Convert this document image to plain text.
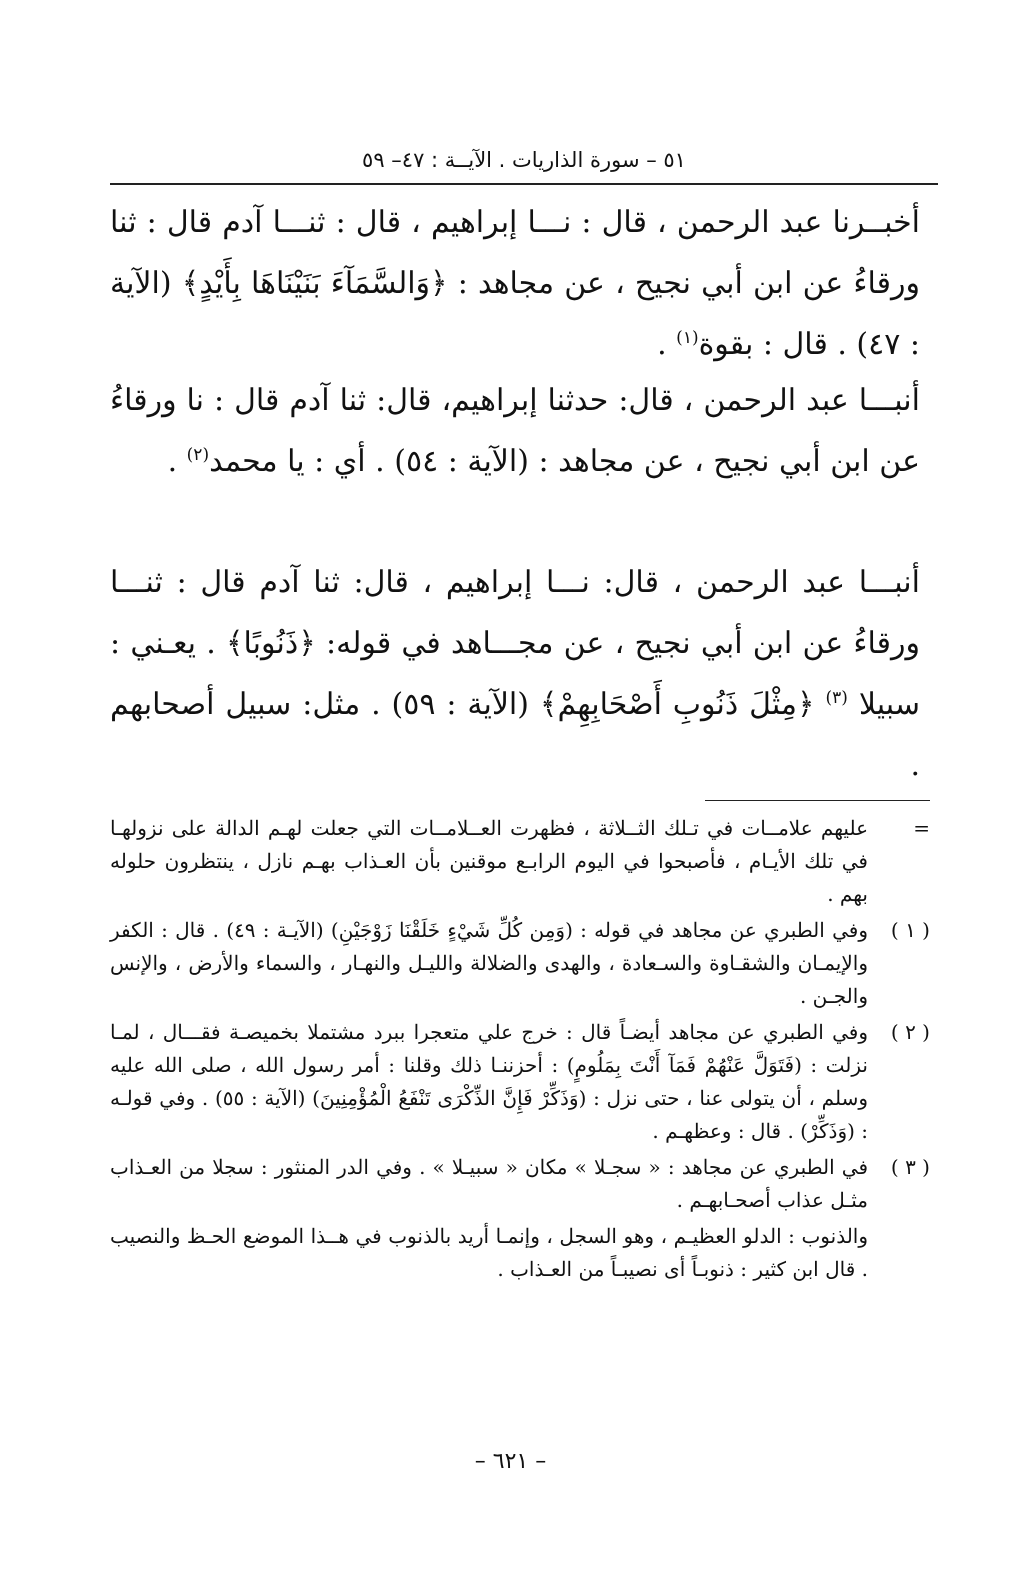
٥١ – سورة الذاريات . الآيــة : ٤٧– ٥٩

أخبــرنا عبد الرحمن ، قال : نـــا إبراهيم ، قال : ثنـــا آدم قال : ثنا ورقاءُ عن ابن أبي نجيح ، عن مجاهد : ﴿وَالسَّمَآءَ بَنَيْنَاهَا بِأَيْدٍ﴾ (الآية : ٤٧) . قال : بقوة$^{(١)}$ .

أنبـــا عبد الرحمن ، قال: حدثنا إبراهيم، قال: ثنا آدم قال : نا ورقاءُ عن ابن أبي نجيح ، عن مجاهد : (الآية : ٥٤) . أي : يا محمد$^{(٢)}$ .

أنبـــا عبد الرحمن ، قال: نـــا إبراهيم ، قال: ثنا آدم قال : ثنـــا ورقاءُ عن ابن أبي نجيح ، عن مجـــاهد في قوله: ﴿ذَنُوبًا﴾ . يعـني : سبيلا $^{(٣)}$ ﴿مِثْلَ ذَنُوبِ أَصْحَابِهِمْ﴾ (الآية : ٥٩) . مثل: سبيل أصحابهم .

=
عليهم علامــات في تـلك الثــلاثة ، فظهرت العــلامــات التي جعلت لهـم الدالة على نزولهـا في تلك الأيـام ، فأصبحوا في اليوم الرابـع موقنين بأن العـذاب بهـم نازل ، ينتظرون حلوله بهم .
( ١ )
وفي الطبري عن مجاهد في قوله : (وَمِن كُلِّ شَيْءٍ خَلَقْنَا زَوْجَيْنِ) (الآيـة : ٤٩) . قال : الكفر والإيمـان والشقـاوة والسـعادة ، والهدى والضلالة والليـل والنهـار ، والسماء والأرض ، والإنس والجـن .
( ٢ )
وفي الطبري عن مجاهد أيضـاً قال : خرج علي متعجرا ببرد مشتملا بخميصـة فقـــال ، لمـا نزلت : (فَتَوَلَّ عَنْهُمْ فَمَآ أَنْتَ بِمَلُومٍ) : أحزننـا ذلك وقلنا : أمر رسول الله ، صلى الله عليه وسلم ، أن يتولى عنا ، حتى نزل : (وَذَكِّرْ فَإِنَّ الذِّكْرَى تَنْفَعُ الْمُؤْمِنِينَ) (الآية : ٥٥) . وفي قولـه : (وَذَكِّرْ) . قال : وعظهـم .
( ٣ )
في الطبري عن مجاهد : « سجـلا » مكان « سبيـلا » . وفي الدر المنثور : سجلا من العـذاب مثـل عذاب أصحـابهـم .
والذنوب : الدلو العظيـم ، وهو السجل ، وإنمـا أريد بالذنوب في هــذا الموضع الحـظ والنصيب . قال ابن كثير : ذنوبـاً أى نصيبـاً من العـذاب .
– ٦٢١ –
